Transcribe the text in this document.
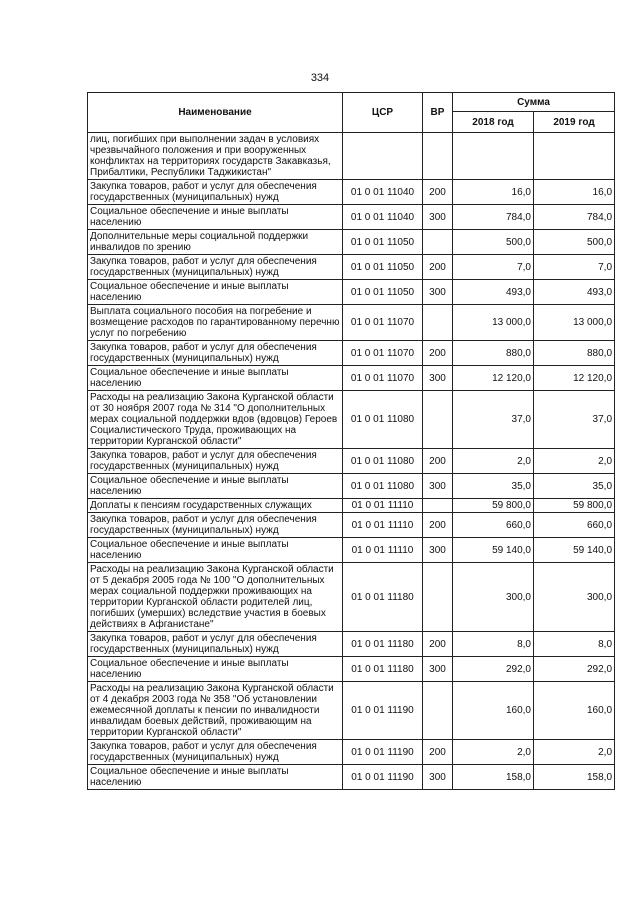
334
Наименование	ЦСР	ВР	Сумма	
			2018 год	2019 год
лиц, погибших при выполнении задач в условиях чрезвычайного положения и при вооруженных конфликтах на территориях государств Закавказья, Прибалтики, Республики Таджикистан"				
Закупка товаров, работ и услуг для обеспечения государственных (муниципальных) нужд	01 0 01 11040	200	16,0	16,0
Социальное обеспечение и иные выплаты населению	01 0 01 11040	300	784,0	784,0
Дополнительные меры социальной поддержки инвалидов по зрению	01 0 01 11050		500,0	500,0
Закупка товаров, работ и услуг для обеспечения государственных (муниципальных) нужд	01 0 01 11050	200	7,0	7,0
Социальное обеспечение и иные выплаты населению	01 0 01 11050	300	493,0	493,0
Выплата социального пособия на погребение и возмещение расходов по гарантированному перечню услуг по погребению	01 0 01 11070		13 000,0	13 000,0
Закупка товаров, работ и услуг для обеспечения государственных (муниципальных) нужд	01 0 01 11070	200	880,0	880,0
Социальное обеспечение и иные выплаты населению	01 0 01 11070	300	12 120,0	12 120,0
Расходы на реализацию Закона Курганской области от 30 ноября 2007 года № 314 "О дополнительных мерах социальной поддержки вдов (вдовцов) Героев Социалистического Труда, проживающих на территории Курганской области"	01 0 01 11080		37,0	37,0
Закупка товаров, работ и услуг для обеспечения государственных (муниципальных) нужд	01 0 01 11080	200	2,0	2,0
Социальное обеспечение и иные выплаты населению	01 0 01 11080	300	35,0	35,0
Доплаты к пенсиям государственных служащих	01 0 01 11110		59 800,0	59 800,0
Закупка товаров, работ и услуг для обеспечения государственных (муниципальных) нужд	01 0 01 11110	200	660,0	660,0
Социальное обеспечение и иные выплаты населению	01 0 01 11110	300	59 140,0	59 140,0
Расходы на реализацию Закона Курганской области от 5 декабря 2005 года № 100 "О дополнительных мерах социальной поддержки проживающих на территории Курганской области родителей лиц, погибших (умерших) вследствие участия в боевых действиях в Афганистане"	01 0 01 11180		300,0	300,0
Закупка товаров, работ и услуг для обеспечения государственных (муниципальных) нужд	01 0 01 11180	200	8,0	8,0
Социальное обеспечение и иные выплаты населению	01 0 01 11180	300	292,0	292,0
Расходы на реализацию Закона Курганской области от 4 декабря 2003 года № 358 "Об установлении ежемесячной доплаты к пенсии по инвалидности инвалидам боевых действий, проживающим на территории Курганской области"	01 0 01 11190		160,0	160,0
Закупка товаров, работ и услуг для обеспечения государственных (муниципальных) нужд	01 0 01 11190	200	2,0	2,0
Социальное обеспечение и иные выплаты населению	01 0 01 11190	300	158,0	158,0
